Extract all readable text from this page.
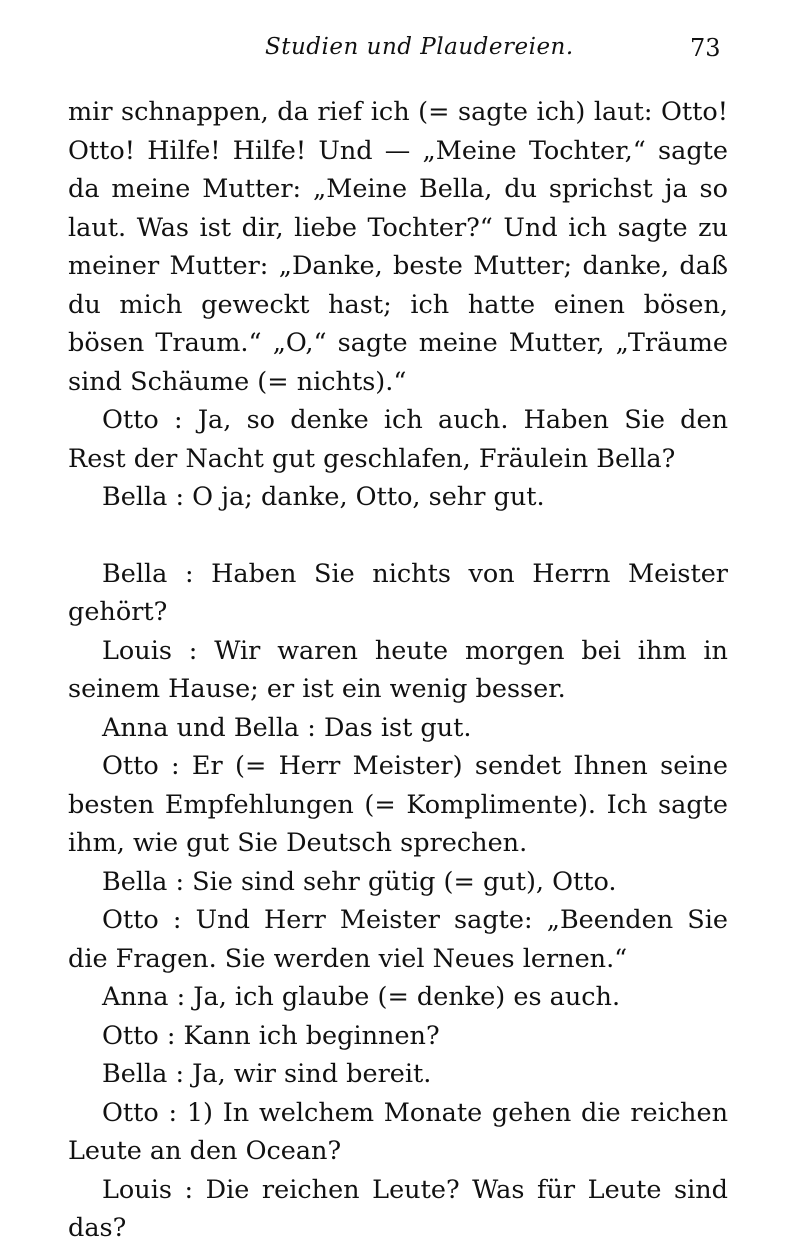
Studien und Plaudereien.	73

mir schnappen, da rief ich (= sagte ich) laut: Otto! Otto! Hilfe! Hilfe! Und — „Meine Tochter,“ sagte da meine Mutter: „Meine Bella, du sprichst ja so laut. Was ist dir, liebe Tochter?“ Und ich sagte zu meiner Mutter: „Danke, beste Mutter; danke, daß du mich geweckt hast; ich hatte einen bösen, bösen Traum.“ „O,“ sagte meine Mutter, „Träume sind Schäume (= nichts).“

Otto : Ja, so denke ich auch. Haben Sie den Rest der Nacht gut geschlafen, Fräulein Bella?

Bella : O ja; danke, Otto, sehr gut.

Bella : Haben Sie nichts von Herrn Meister gehört?

Louis : Wir waren heute morgen bei ihm in seinem Hause; er ist ein wenig besser.

Anna und Bella : Das ist gut.

Otto : Er (= Herr Meister) sendet Ihnen seine besten Empfehlungen (= Komplimente). Ich sagte ihm, wie gut Sie Deutsch sprechen.

Bella : Sie sind sehr gütig (= gut), Otto.

Otto : Und Herr Meister sagte: „Beenden Sie die Fragen. Sie werden viel Neues lernen.“

Anna : Ja, ich glaube (= denke) es auch.

Otto : Kann ich beginnen?

Bella : Ja, wir sind bereit.

Otto : 1) In welchem Monate gehen die reichen Leute an den Ocean?

Louis : Die reichen Leute? Was für Leute sind das?
